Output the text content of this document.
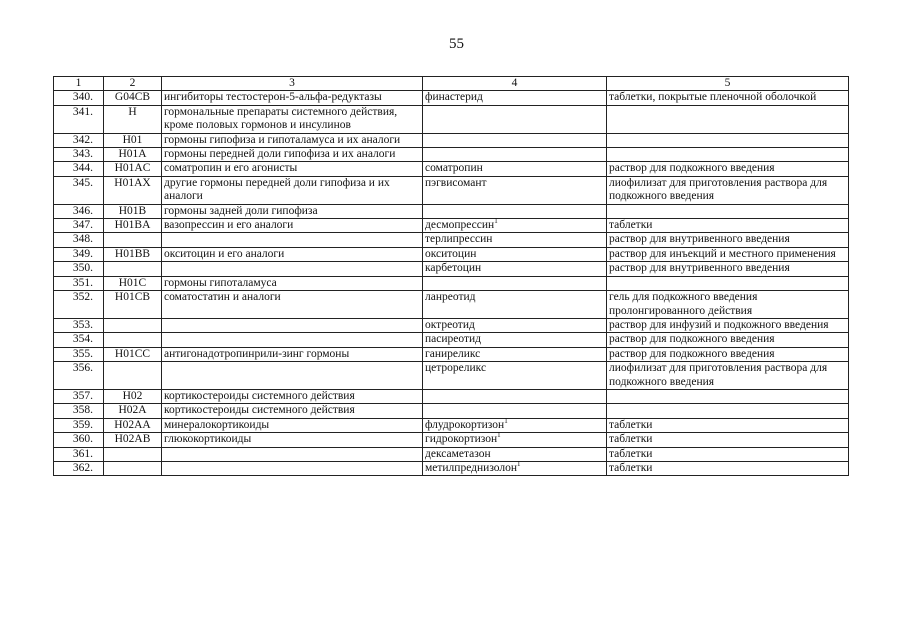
55
1	2	3	4	5
340.	G04CB	ингибиторы тестостерон-5-альфа-редуктазы	финастерид	таблетки, покрытые пленочной оболочкой
341.	H	гормональные препараты системного действия, кроме половых гормонов и инсулинов		
342.	H01	гормоны гипофиза и гипоталамуса и их аналоги		
343.	H01A	гормоны передней доли гипофиза и их аналоги		
344.	H01AC	соматропин и его агонисты	соматропин	раствор для подкожного введения
345.	H01AX	другие гормоны передней доли гипофиза и их аналоги	пэгвисомант	лиофилизат для приготовления раствора для подкожного введения
346.	H01B	гормоны задней доли гипофиза		
347.	H01BA	вазопрессин и его аналоги	десмопрессин$^1$	таблетки
348.			терлипрессин	раствор для внутривенного введения
349.	H01BB	окситоцин и его аналоги	окситоцин	раствор для инъекций и местного применения
350.			карбетоцин	раствор для внутривенного введения
351.	H01C	гормоны гипоталамуса		
352.	H01CB	соматостатин и аналоги	ланреотид	гель для подкожного введения пролонгированного действия
353.			октреотид	раствор для инфузий и подкожного введения
354.			пасиреотид	раствор для подкожного введения
355.	H01CC	антигонадотропинрили-зинг гормоны	ганиреликс	раствор для подкожного введения
356.			цетрореликс	лиофилизат для приготовления раствора для подкожного введения
357.	H02	кортикостероиды системного действия		
358.	H02A	кортикостероиды системного действия		
359.	H02AA	минералокортикоиды	флудрокортизон$^1$	таблетки
360.	H02AB	глюкокортикоиды	гидрокортизон$^1$	таблетки
361.			дексаметазон	таблетки
362.			метилпреднизолон$^1$	таблетки
